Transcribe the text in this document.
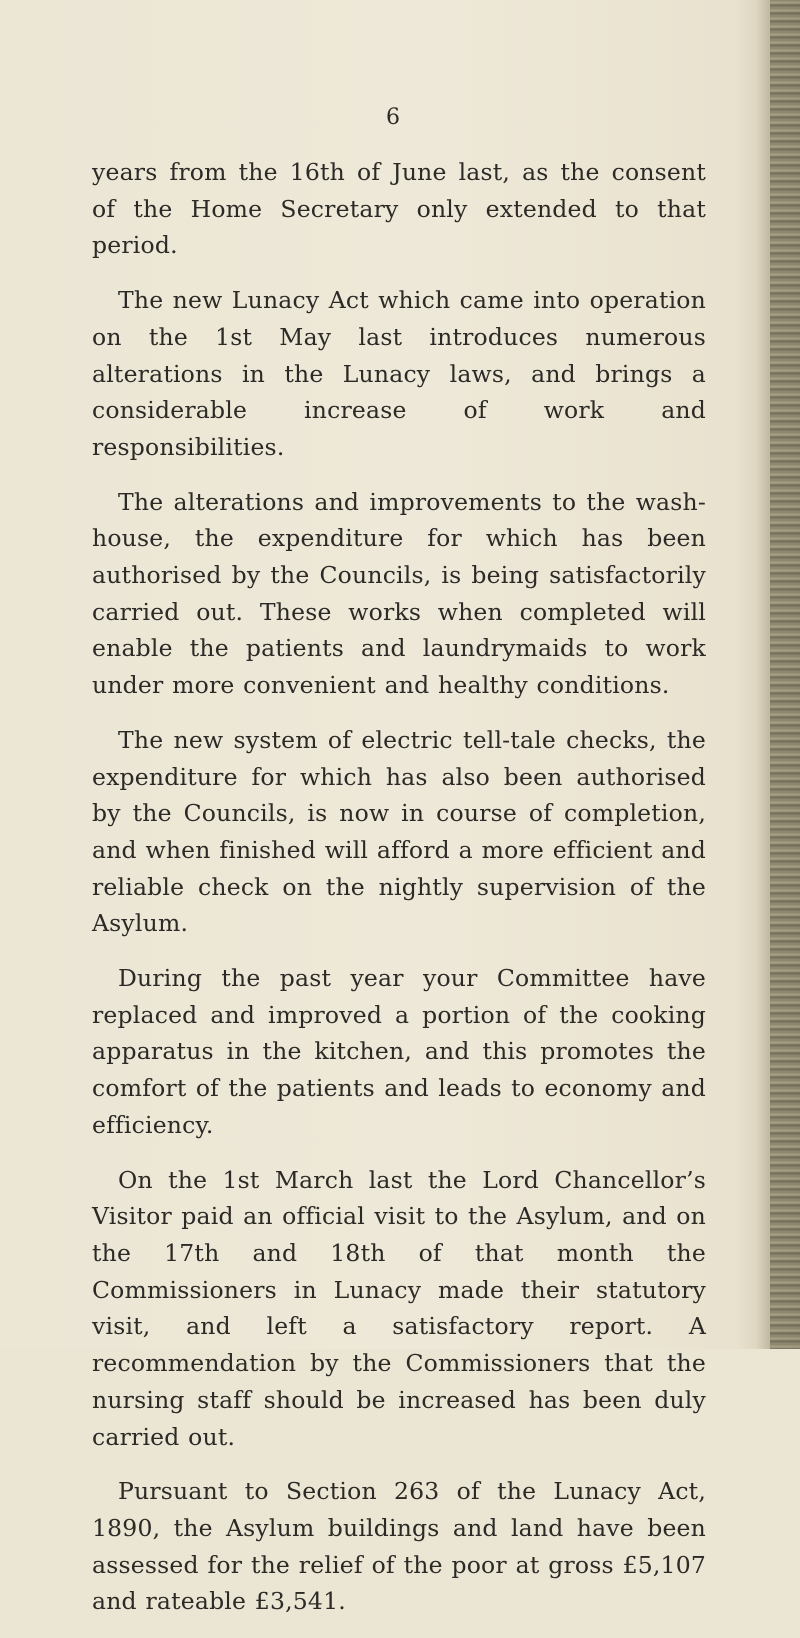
6

years from the 16th of June last, as the consent of the Home Secretary only extended to that period.

The new Lunacy Act which came into operation on the 1st May last introduces numerous alterations in the Lunacy laws, and brings a considerable increase of work and responsibilities.

The alterations and improvements to the wash-house, the expenditure for which has been authorised by the Councils, is being satisfactorily carried out. These works when completed will enable the patients and laundrymaids to work under more convenient and healthy conditions.

The new system of electric tell-tale checks, the expenditure for which has also been authorised by the Councils, is now in course of completion, and when finished will afford a more efficient and reliable check on the nightly supervision of the Asylum.

During the past year your Committee have replaced and improved a portion of the cooking apparatus in the kitchen, and this promotes the comfort of the patients and leads to economy and efficiency.

On the 1st March last the Lord Chancellor’s Visitor paid an official visit to the Asylum, and on the 17th and 18th of that month the Commissioners in Lunacy made their statutory visit, and left a satisfactory report. A recommendation by the Commissioners that the nursing staff should be increased has been duly carried out.

Pursuant to Section 263 of the Lunacy Act, 1890, the Asylum buildings and land have been assessed for the relief of the poor at gross £5,107 and rateable £3,541.
